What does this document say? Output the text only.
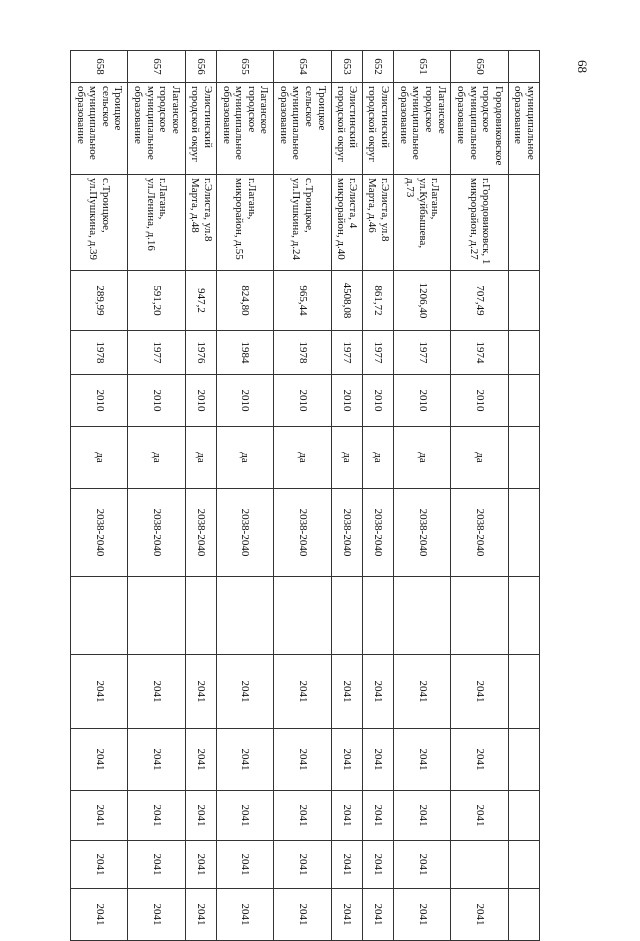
68
	муниципальное образование												
650	Городовиковское городское муниципальное образование	г.Городовиковск, 1 микрорайон, д.27	707,49	1974	2010	да	2038-2040		2041	2041	2041		2041
651	Лаганское городское муниципальное образование	г.Лагань, ул.Куйбышева, д.73	1206,40	1977	2010	да	2038-2040		2041	2041	2041	2041	2041
652	Элистинский городской округ	г.Элиста, ул.8 Марта, д.46	861,72	1977	2010	да	2038-2040		2041	2041	2041	2041	2041
653	Элистинский городской округ	г.Элиста, 4 микрорайон, д.40	4508,08	1977	2010	да	2038-2040		2041	2041	2041	2041	2041
654	Троицкое сельское муниципальное образование	с.Троицкое, ул.Пушкина, д.24	965,44	1978	2010	да	2038-2040		2041	2041	2041	2041	2041
655	Лаганское городское муниципальное образование	г.Лагань, микрорайон, д.55	824,80	1984	2010	да	2038-2040		2041	2041	2041	2041	2041
656	Элистинский городской округ	г.Элиста, ул.8 Марта, д.48	947,2	1976	2010	да	2038-2040		2041	2041	2041	2041	2041
657	Лаганское городское муниципальное образование	г.Лагань, ул.Ленина, д.16	591,20	1977	2010	да	2038-2040		2041	2041	2041	2041	2041
658	Троицкое сельское муниципальное образование	с.Троицкое, ул.Пушкина, д.39	289,99	1978	2010	да	2038-2040		2041	2041	2041	2041	2041
